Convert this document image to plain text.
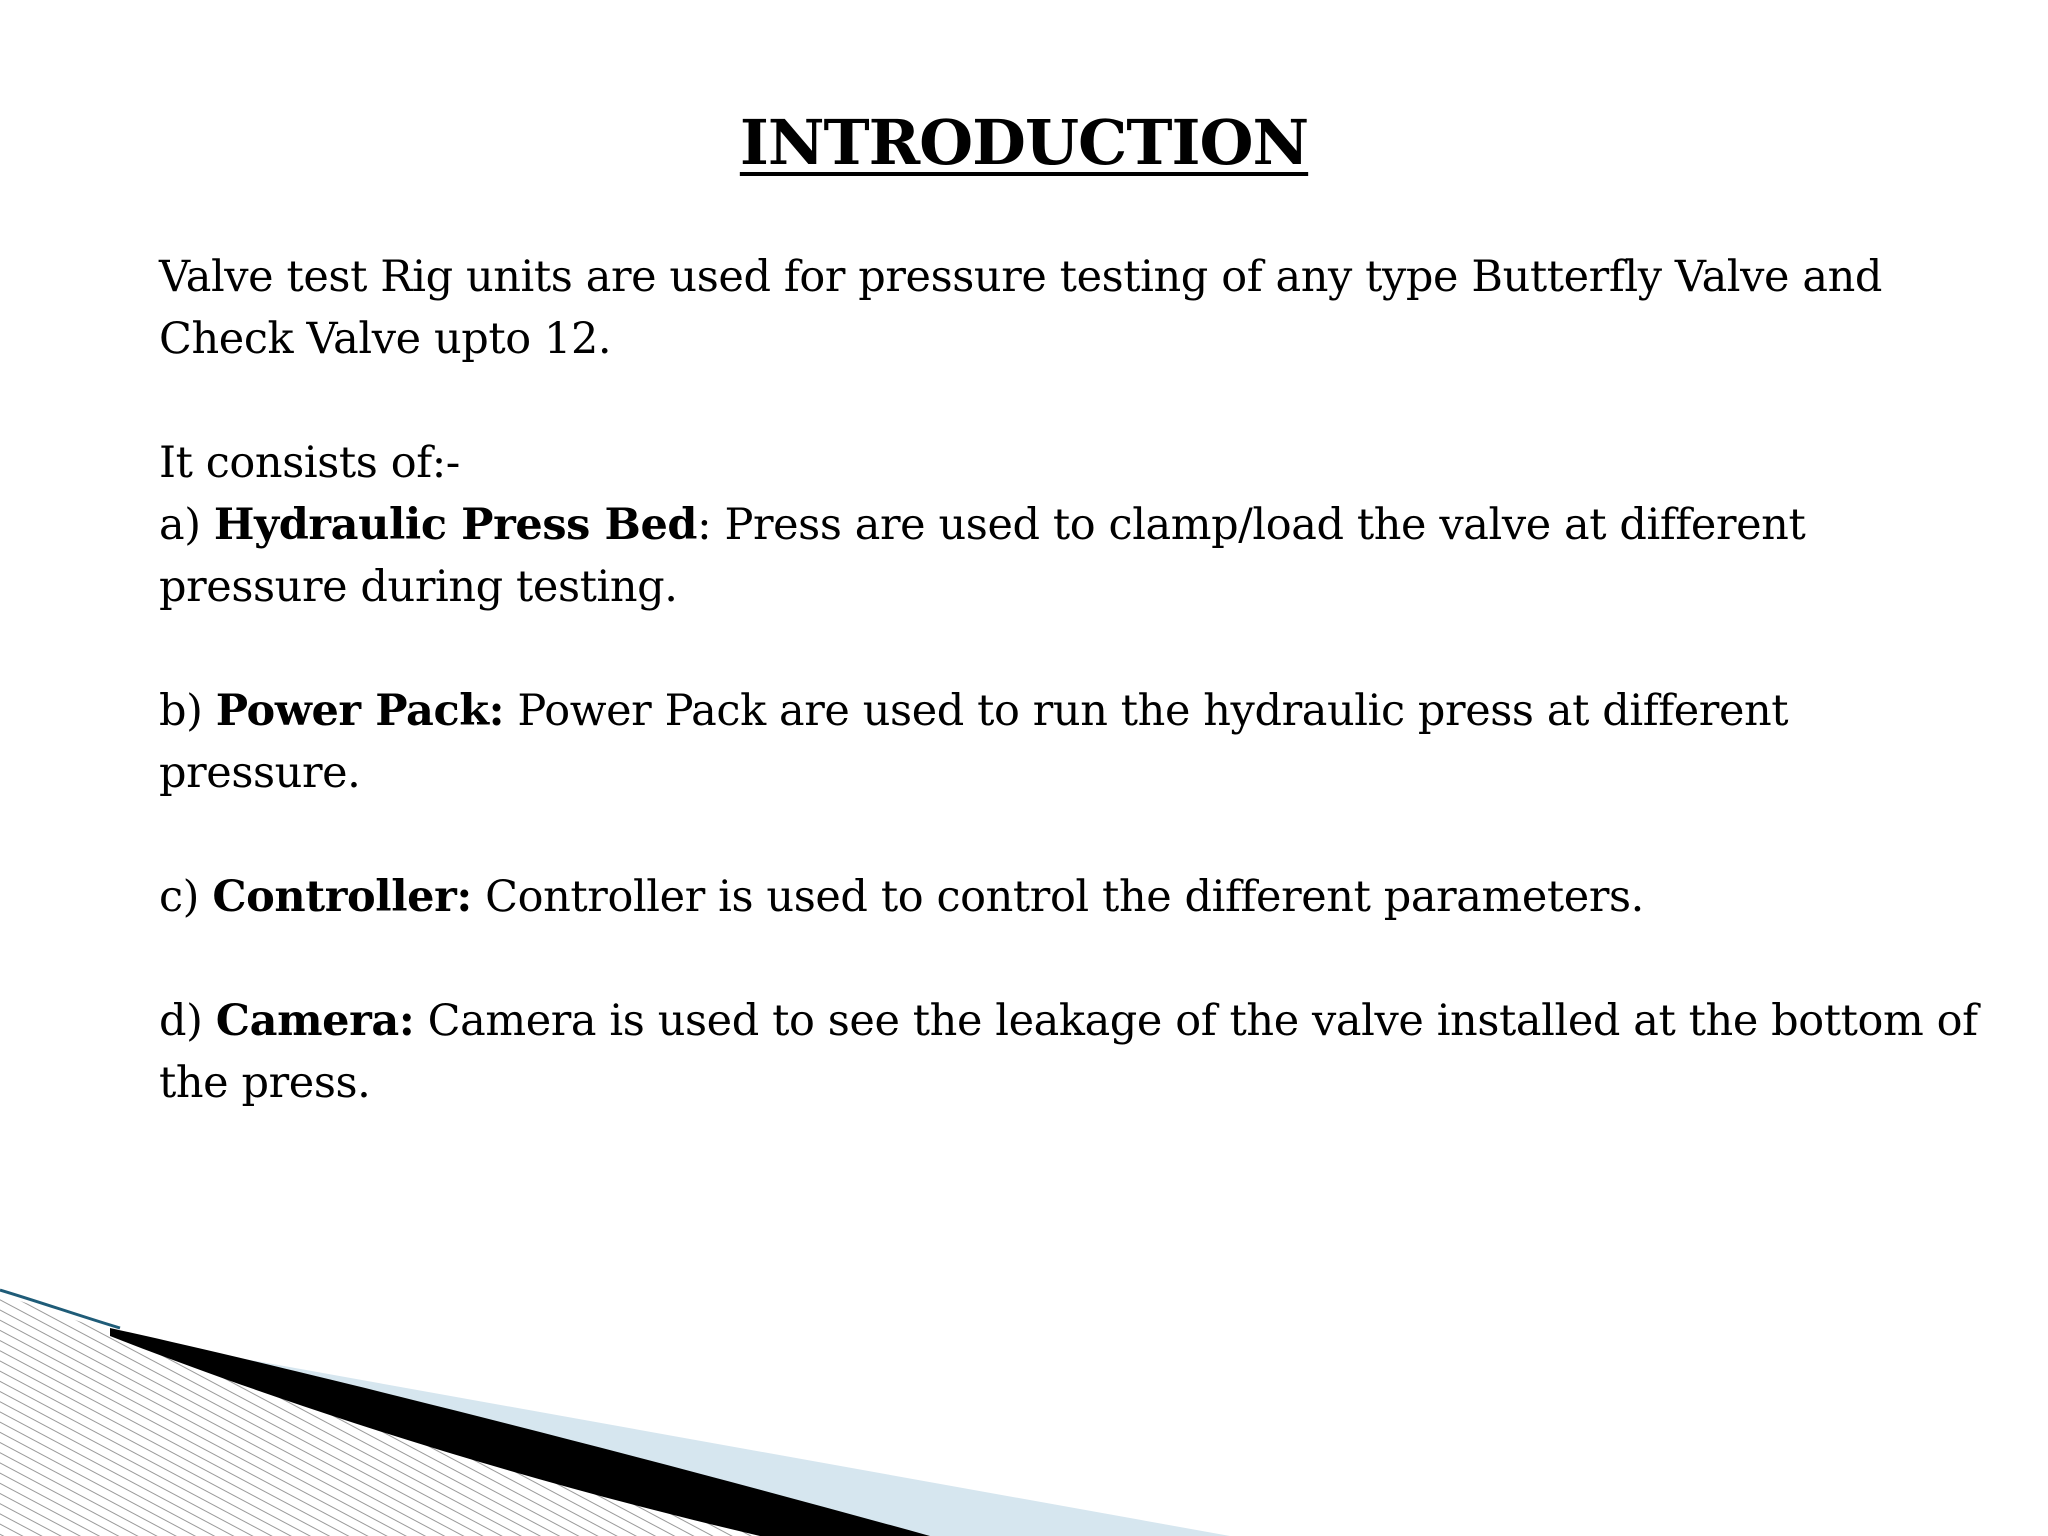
INTRODUCTION

Valve test Rig units are used for pressure testing of any type Butterfly Valve and Check Valve upto 12.

It consists of:-

a) Hydraulic Press Bed: Press are used to clamp/load the valve at different pressure during testing.

b) Power Pack: Power Pack are used to run the hydraulic press at different pressure.

c) Controller: Controller is used to control the different parameters.

d) Camera: Camera is used to see the leakage of the valve installed at the bottom of the press.
